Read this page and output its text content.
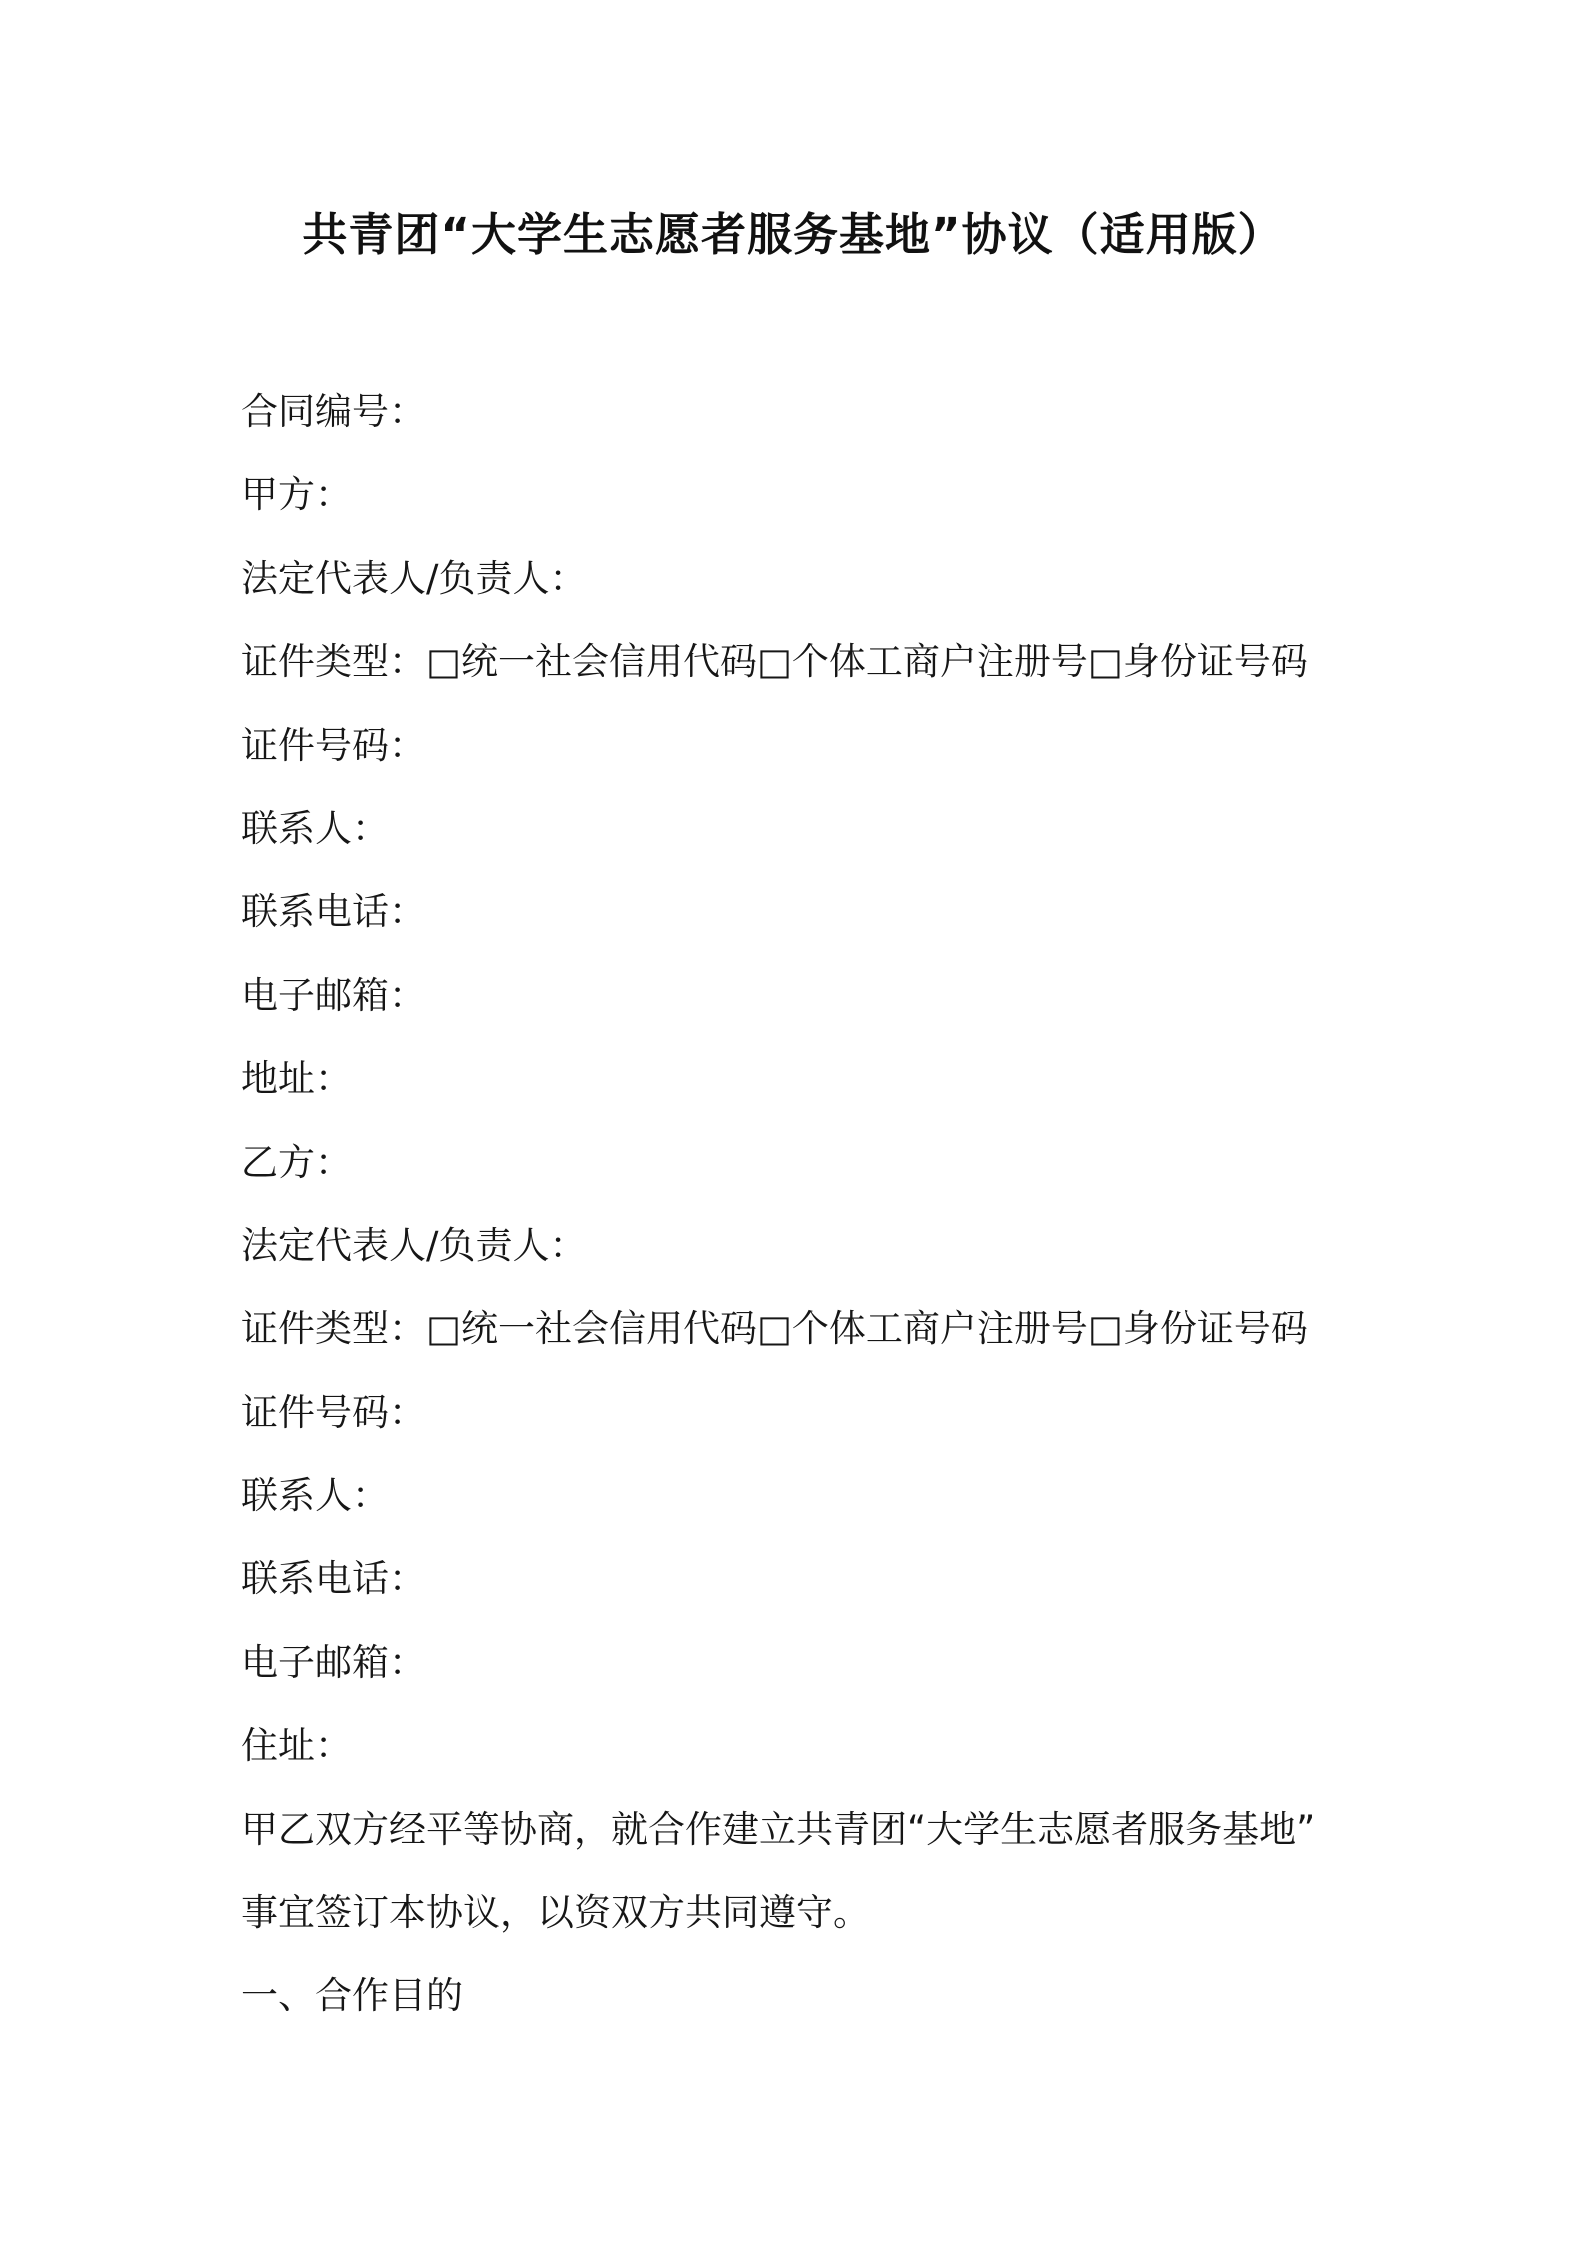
共青团“大学生志愿者服务基地”协议（适用版）
合同编号：
甲方：
法定代表人/负责人：
证件类型：□统一社会信用代码□个体工商户注册号□身份证号码
证件号码：
联系人：
联系电话：
电子邮箱：
地址：
乙方：
法定代表人/负责人：
证件类型：□统一社会信用代码□个体工商户注册号□身份证号码
证件号码：
联系人：
联系电话：
电子邮箱：
住址：
甲乙双方经平等协商，就合作建立共青团“大学生志愿者服务基地”
事宜签订本协议，以资双方共同遵守。
一、合作目的
